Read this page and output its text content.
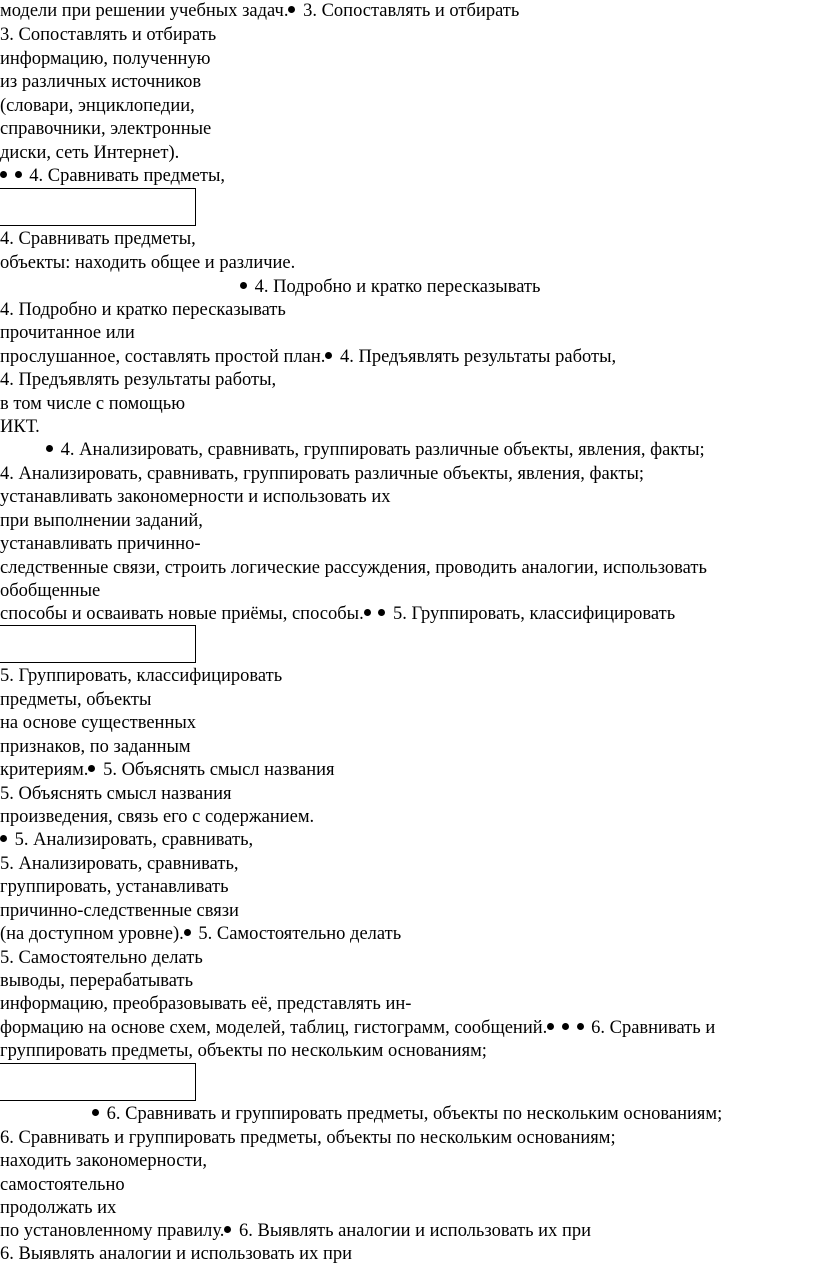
модели при решении учебных задач. 3. Сопоставлять и отбирать
3. Сопоставлять и отбирать
информацию, полученную
из различных источников
(словари, энциклопедии,
справочники, электронные
диски, сеть Интернет).
4. Сравнивать предметы,
4. Сравнивать предметы,
объекты: находить общее и различие.
4. Подробно и кратко пересказывать
4. Подробно и кратко пересказывать
прочитанное или
прослушанное, составлять простой план. 4. Предъявлять результаты работы,
4. Предъявлять результаты работы,
в том числе с помощью
ИКТ.
4. Анализировать, сравнивать, группировать различные объекты, явления, факты;
4. Анализировать, сравнивать, группировать различные объекты, явления, факты;
устанавливать закономерности и использовать их
при выполнении заданий,
устанавливать причинно-
следственные связи, строить логические рассуждения, проводить аналогии, использовать
обобщенные
способы и осваивать новые приёмы, способы. 5. Группировать, классифицировать
5. Группировать, классифицировать
предметы, объекты
на основе существенных
признаков, по заданным
критериям. 5. Объяснять смысл названия
5. Объяснять смысл названия
произведения, связь его с содержанием.
5. Анализировать, сравнивать,
5. Анализировать, сравнивать,
группировать, устанавливать
причинно-следственные связи
(на доступном уровне). 5. Самостоятельно делать
5. Самостоятельно делать
выводы, перерабатывать
информацию, преобразовывать её, представлять ин-
формацию на основе схем, моделей, таблиц, гистограмм, сообщений. 6. Сравнивать и
группировать предметы, объекты по нескольким основаниям;
6. Сравнивать и группировать предметы, объекты по нескольким основаниям;
6. Сравнивать и группировать предметы, объекты по нескольким основаниям;
находить закономерности,
самостоятельно
продолжать их
по установленному правилу. 6. Выявлять аналогии и использовать их при
6. Выявлять аналогии и использовать их при
